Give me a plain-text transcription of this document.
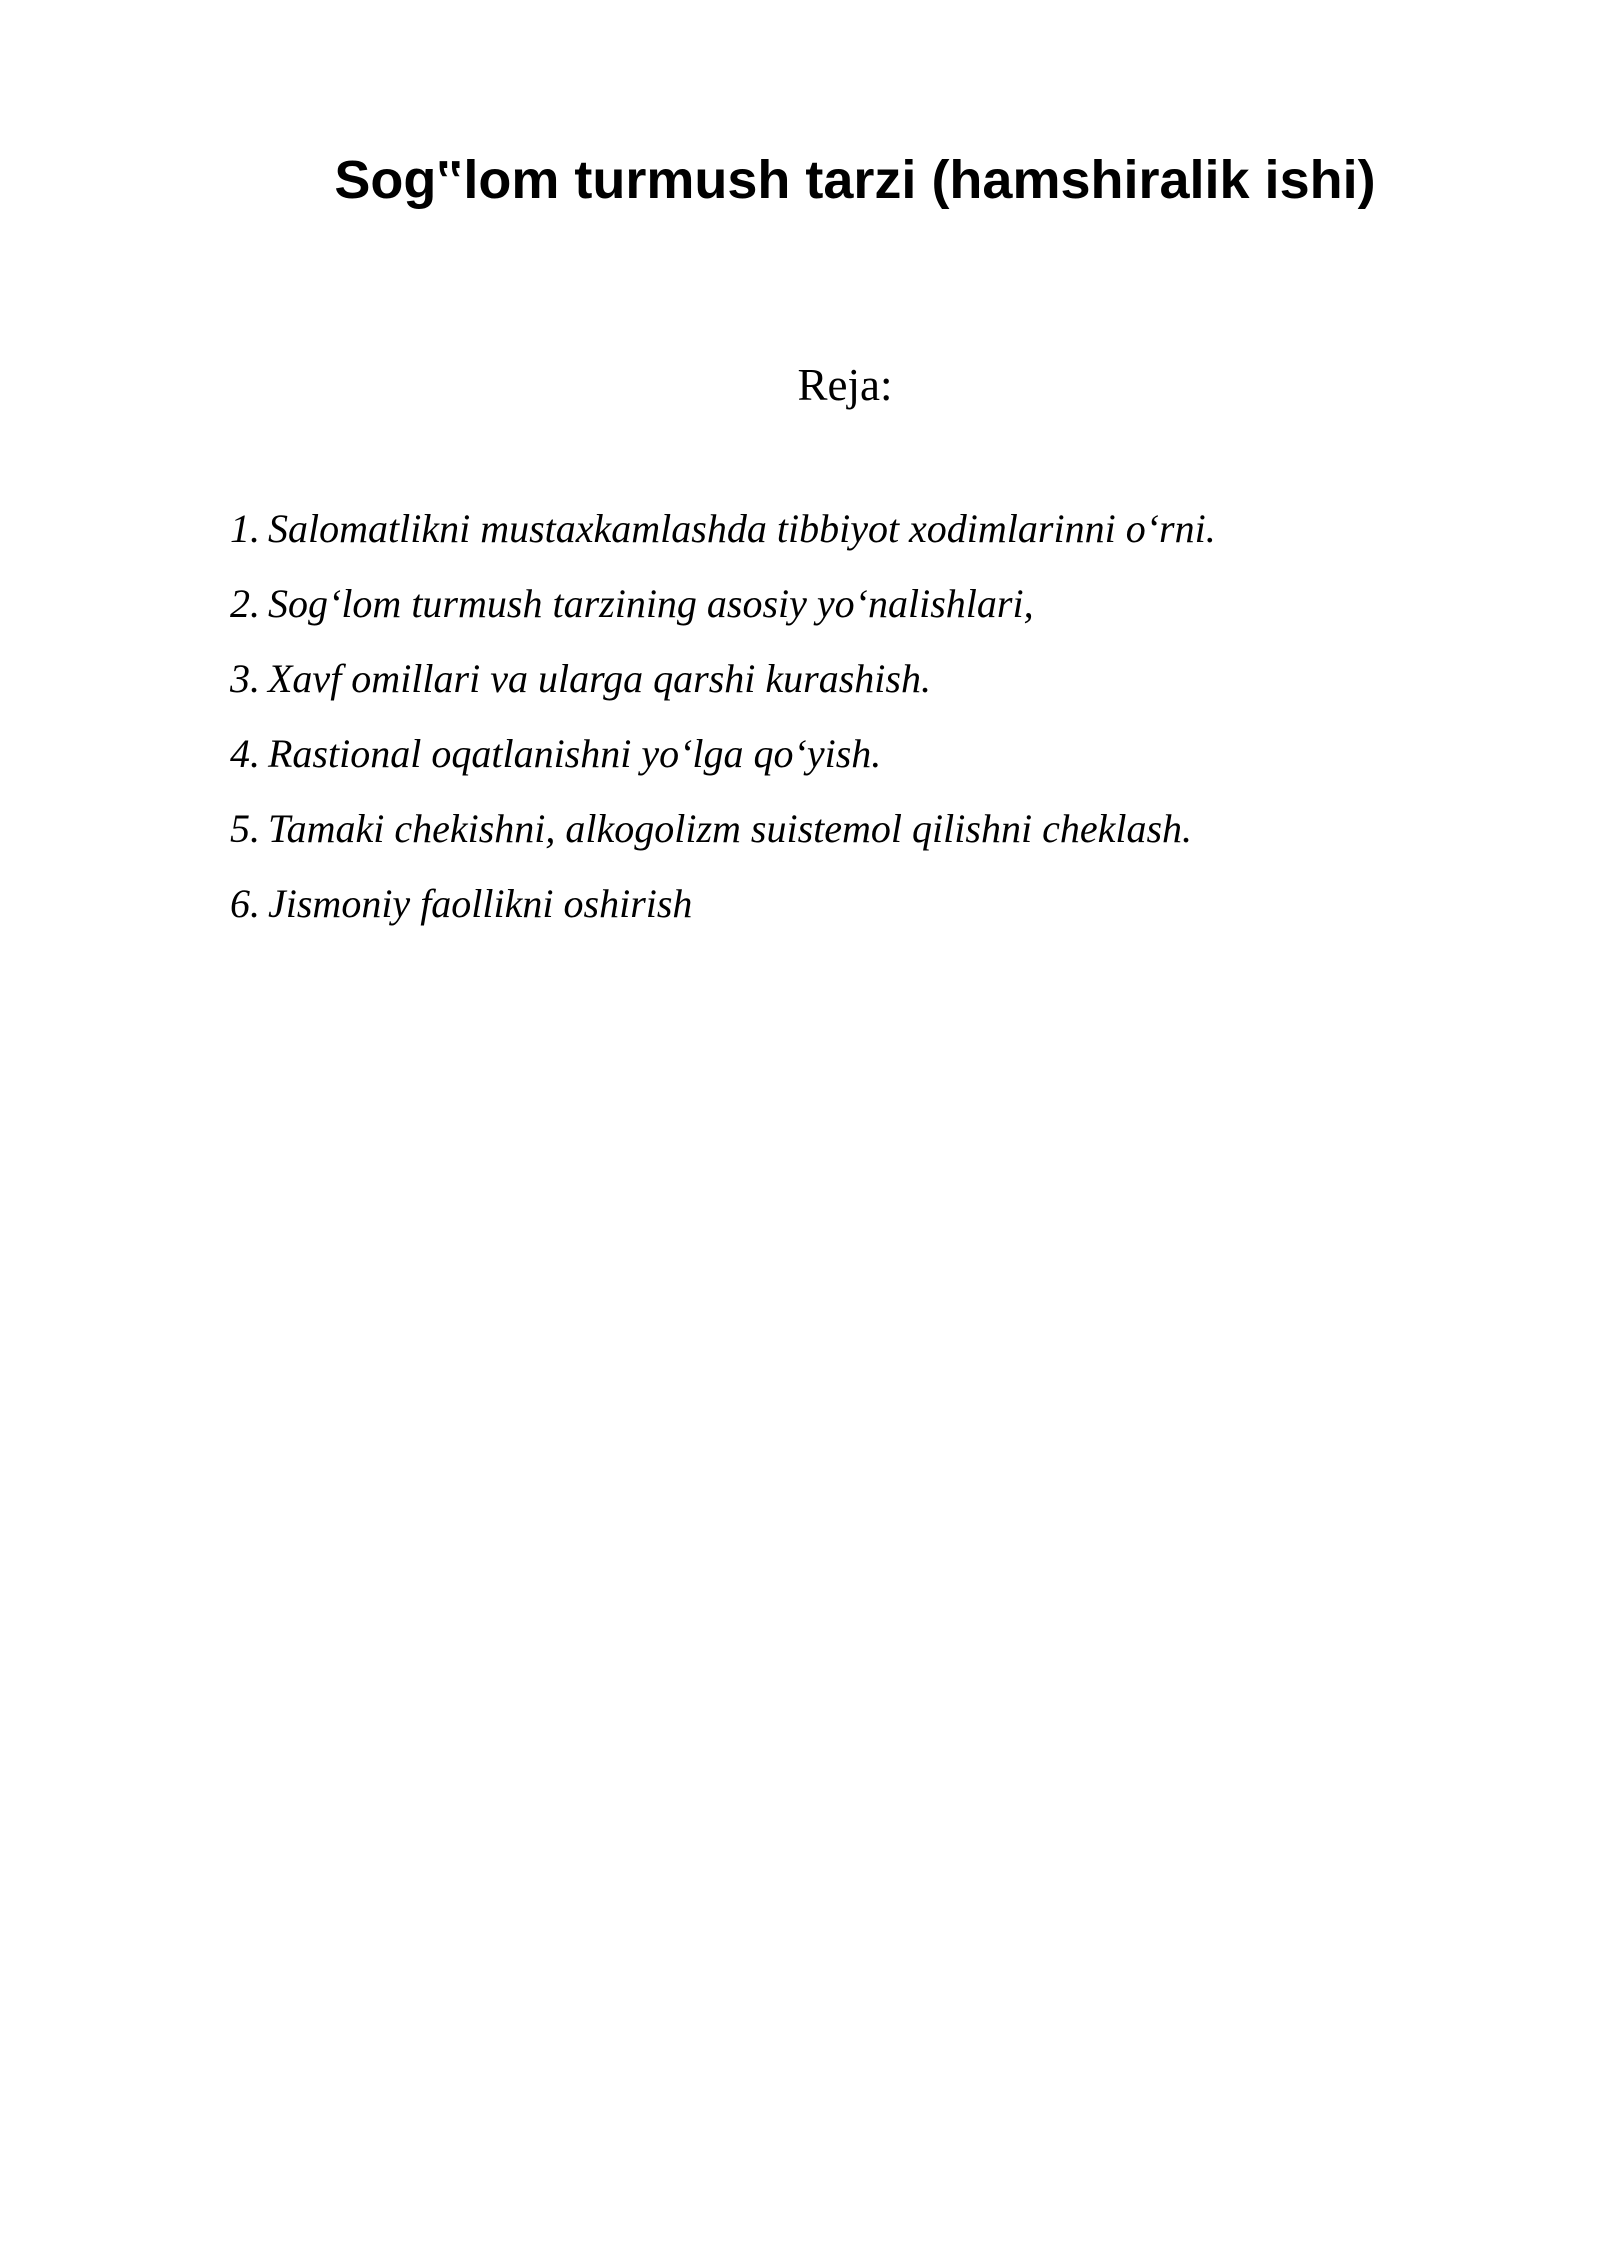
Sog‟lom turmush tarzi (hamshiralik ishi)
Reja:
1. Salomatlikni mustaxkamlashda tibbiyot xodimlarinni o‘rni.
2. Sog‘lom turmush tarzining asosiy yo‘nalishlari,
3. Xavf omillari va ularga qarshi kurashish.
4. Rastional oqatlanishni yo‘lga qo‘yish.
5. Tamaki chekishni, alkogolizm suistemol qilishni cheklash.
6. Jismoniy faollikni oshirish
